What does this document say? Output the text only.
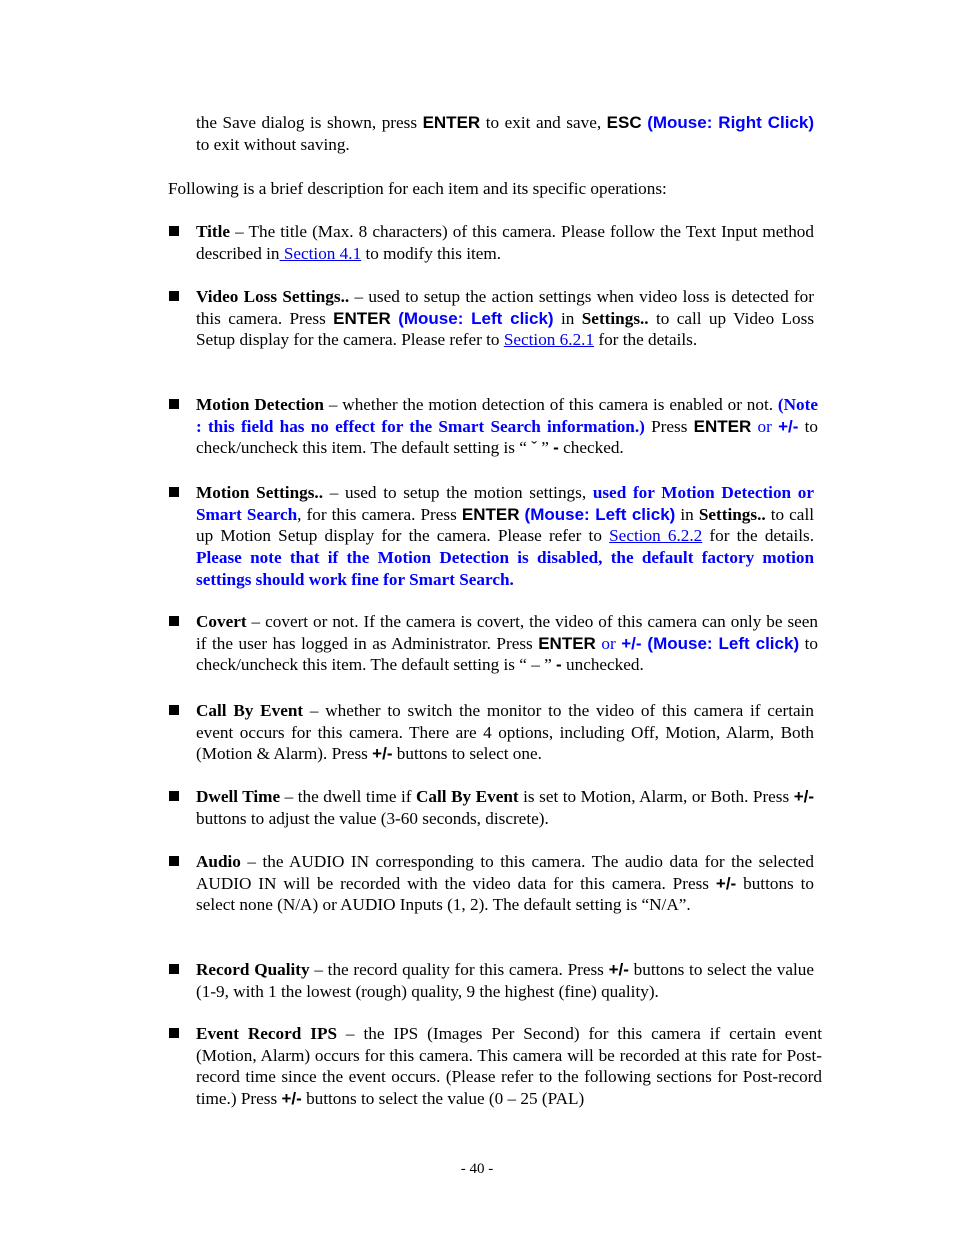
the Save dialog is shown, press ENTER to exit and save, ESC (Mouse: Right Click) to exit without saving.
Following is a brief description for each item and its specific operations:
Title – The title (Max. 8 characters) of this camera. Please follow the Text Input method described in Section 4.1 to modify this item.
Video Loss Settings.. – used to setup the action settings when video loss is detected for this camera. Press ENTER (Mouse: Left click) in Settings.. to call up Video Loss Setup display for the camera. Please refer to Section 6.2.1 for the details.
Motion Detection – whether the motion detection of this camera is enabled or not. (Note : this field has no effect for the Smart Search information.) Press ENTER or +/- to check/uncheck this item. The default setting is “ ˇ ” - checked.
Motion Settings.. – used to setup the motion settings, used for Motion Detection or Smart Search, for this camera. Press ENTER (Mouse: Left click) in Settings.. to call up Motion Setup display for the camera. Please refer to Section 6.2.2 for the details. Please note that if the Motion Detection is disabled, the default factory motion settings should work fine for Smart Search.
Covert – covert or not. If the camera is covert, the video of this camera can only be seen if the user has logged in as Administrator. Press ENTER or +/- (Mouse: Left click) to check/uncheck this item. The default setting is “ – ” - unchecked.
Call By Event – whether to switch the monitor to the video of this camera if certain event occurs for this camera. There are 4 options, including Off, Motion, Alarm, Both (Motion & Alarm). Press +/- buttons to select one.
Dwell Time – the dwell time if Call By Event is set to Motion, Alarm, or Both. Press +/- buttons to adjust the value (3-60 seconds, discrete).
Audio – the AUDIO IN corresponding to this camera. The audio data for the selected AUDIO IN will be recorded with the video data for this camera. Press +/- buttons to select none (N/A) or AUDIO Inputs (1, 2). The default setting is “N/A”.
Record Quality – the record quality for this camera. Press +/- buttons to select the value (1-9, with 1 the lowest (rough) quality, 9 the highest (fine) quality).
Event Record IPS – the IPS (Images Per Second) for this camera if certain event (Motion, Alarm) occurs for this camera. This camera will be recorded at this rate for Post-record time since the event occurs. (Please refer to the following sections for Post-record time.) Press +/- buttons to select the value (0 – 25 (PAL)
- 40 -
